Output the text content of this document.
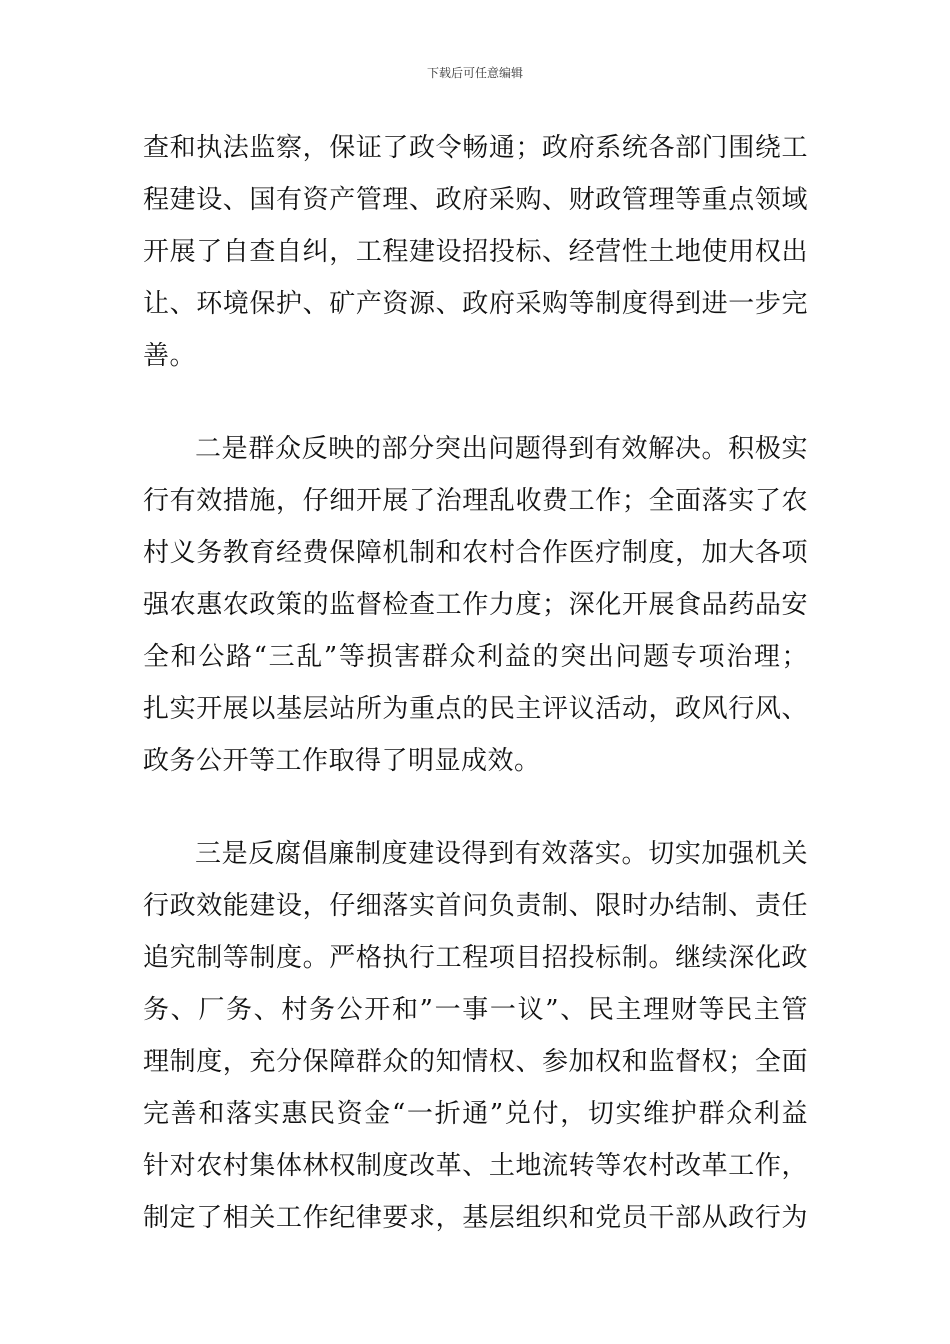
下载后可任意编辑
查和执法监察，保证了政令畅通；政府系统各部门围绕工
程建设、国有资产管理、政府采购、财政管理等重点领域
开展了自查自纠，工程建设招投标、经营性土地使用权出
让、环境保护、矿产资源、政府采购等制度得到进一步完
善。
二是群众反映的部分突出问题得到有效解决。积极实
行有效措施，仔细开展了治理乱收费工作；全面落实了农
村义务教育经费保障机制和农村合作医疗制度，加大各项
强农惠农政策的监督检查工作力度；深化开展食品药品安
全和公路“三乱”等损害群众利益的突出问题专项治理；
扎实开展以基层站所为重点的民主评议活动，政风行风、
政务公开等工作取得了明显成效。
三是反腐倡廉制度建设得到有效落实。切实加强机关
行政效能建设，仔细落实首问负责制、限时办结制、责任
追究制等制度。严格执行工程项目招投标制。继续深化政
务、厂务、村务公开和”一事一议”、民主理财等民主管
理制度，充分保障群众的知情权、参加权和监督权；全面
完善和落实惠民资金“一折通”兑付，切实维护群众利益
针对农村集体林权制度改革、土地流转等农村改革工作，
制定了相关工作纪律要求，基层组织和党员干部从政行为
